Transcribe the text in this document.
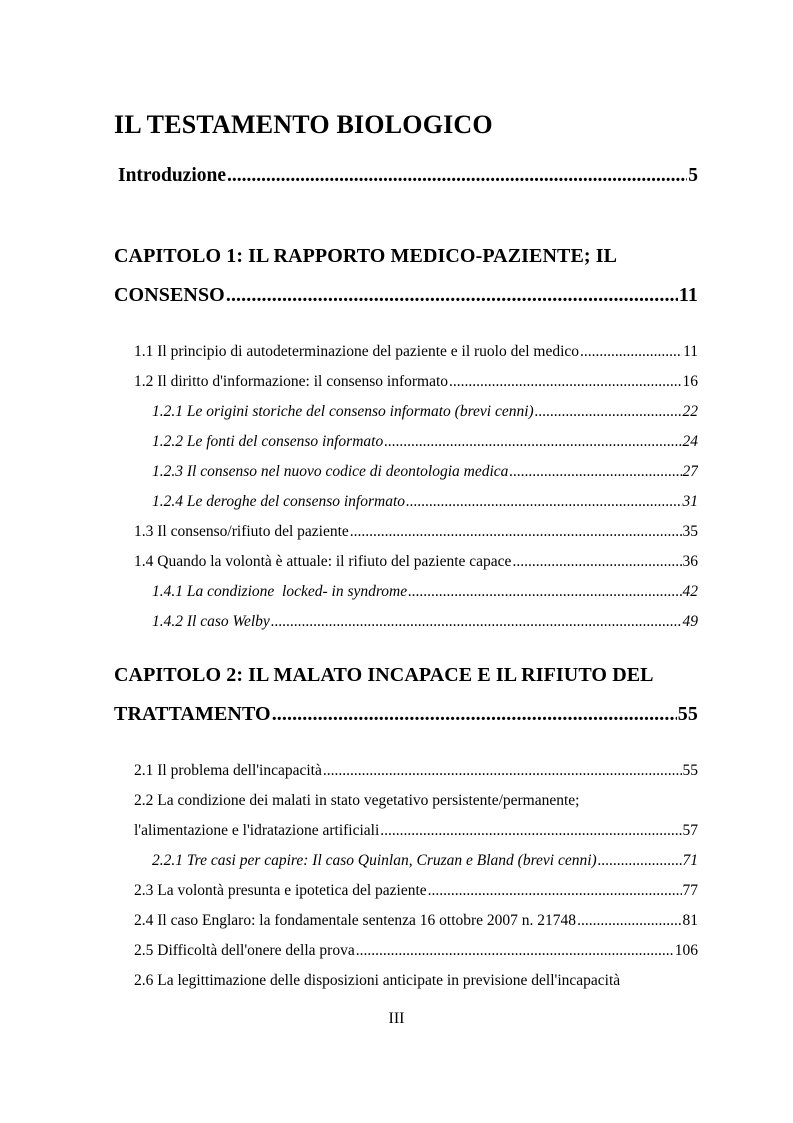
IL TESTAMENTO BIOLOGICO
Introduzione .....	5
CAPITOLO 1: IL RAPPORTO MEDICO-PAZIENTE; IL
CONSENSO .....	11
1.1 Il principio di autodeterminazione del paziente e il ruolo del medico .....	11
1.2 Il diritto d'informazione: il consenso informato .....	16
1.2.1 Le origini storiche del consenso informato (brevi cenni) .....	22
1.2.2 Le fonti del consenso informato .....	24
1.2.3 Il consenso nel nuovo codice di deontologia medica .....	27
1.2.4 Le deroghe del consenso informato .....	31
1.3 Il consenso/rifiuto del paziente .....	35
1.4 Quando la volontà è attuale: il rifiuto del paziente capace .....	36
1.4.1 La condizione  locked- in syndrome .....	42
1.4.2 Il caso Welby .....	49
CAPITOLO 2: IL MALATO INCAPACE E IL RIFIUTO DEL
TRATTAMENTO .....	55
2.1 Il problema dell'incapacità .....	55
2.2 La condizione dei malati in stato vegetativo persistente/permanente;
l'alimentazione e l'idratazione artificiali .....	57
2.2.1 Tre casi per capire: Il caso Quinlan, Cruzan e Bland (brevi cenni) .....	71
2.3 La volontà presunta e ipotetica del paziente .....	77
2.4 Il caso Englaro: la fondamentale sentenza 16 ottobre 2007 n. 21748 .....	81
2.5 Difficoltà dell'onere della prova .....	106
2.6 La legittimazione delle disposizioni anticipate in previsione dell'incapacità
III
